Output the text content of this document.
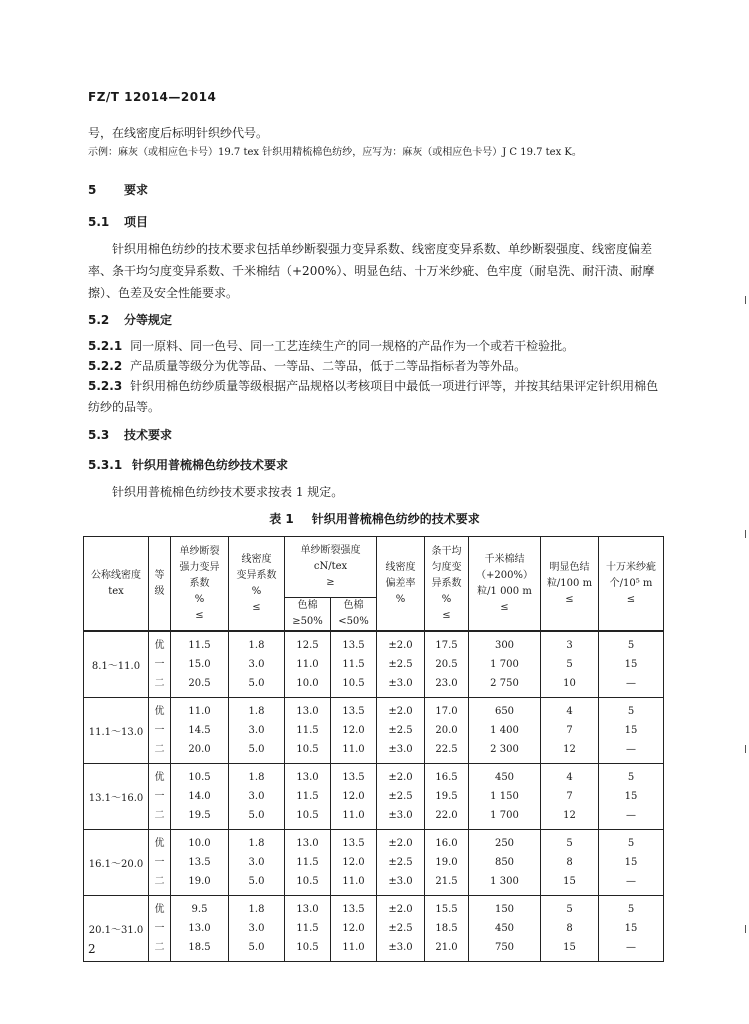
FZ/T 12014—2014
号，在线密度后标明针织纱代号。
示例：麻灰（或相应色卡号）19.7 tex 针织用精梳棉色纺纱，应写为：麻灰（或相应色卡号）J C 19.7 tex K。
5 要求
5.1 项目
针织用棉色纺纱的技术要求包括单纱断裂强力变异系数、线密度变异系数、单纱断裂强度、线密度偏差率、条干均匀度变异系数、千米棉结（+200%）、明显色结、十万米纱疵、色牢度（耐皂洗、耐汗渍、耐摩擦）、色差及安全性能要求。
5.2 分等规定
5.2.1 同一原料、同一色号、同一工艺连续生产的同一规格的产品作为一个或若干检验批。
5.2.2 产品质量等级分为优等品、一等品、二等品，低于二等品指标者为等外品。
5.2.3 针织用棉色纺纱质量等级根据产品规格以考核项目中最低一项进行评等，并按其结果评定针织用棉色纺纱的品等。
5.3 技术要求
5.3.1 针织用普梳棉色纺纱技术要求
针织用普梳棉色纺纱技术要求按表 1 规定。
表 1 针织用普梳棉色纺纱的技术要求
公称线密度
tex	等
级	单纱断裂
强力变异
系数
%
≤	线密度
变异系数
%
≤	单纱断裂强度
cN/tex
≥		线密度
偏差率
%	条干均
匀度变
异系数
%
≤	千米棉结
（+200%）
粒/1 000 m
≤	明显色结
粒/100 m
≤	十万米纱疵
个/10⁵ m
≤
				色棉
≥50%	色棉
<50%					
8.1～11.0	优	11.5	1.8	12.5	13.5	±2.0	17.5	300	3	5
	一	15.0	3.0	11.0	11.5	±2.5	20.5	1 700	5	15
	二	20.5	5.0	10.0	10.5	±3.0	23.0	2 750	10	—
11.1～13.0	优	11.0	1.8	13.0	13.5	±2.0	17.0	650	4	5
	一	14.5	3.0	11.5	12.0	±2.5	20.0	1 400	7	15
	二	20.0	5.0	10.5	11.0	±3.0	22.5	2 300	12	—
13.1～16.0	优	10.5	1.8	13.0	13.5	±2.0	16.5	450	4	5
	一	14.0	3.0	11.5	12.0	±2.5	19.5	1 150	7	15
	二	19.5	5.0	10.5	11.0	±3.0	22.0	1 700	12	—
16.1～20.0	优	10.0	1.8	13.0	13.5	±2.0	16.0	250	5	5
	一	13.5	3.0	11.5	12.0	±2.5	19.0	850	8	15
	二	19.0	5.0	10.5	11.0	±3.0	21.5	1 300	15	—
20.1～31.0	优	9.5	1.8	13.0	13.5	±2.0	15.5	150	5	5
	一	13.0	3.0	11.5	12.0	±2.5	18.5	450	8	15
	二	18.5	5.0	10.5	11.0	±3.0	21.0	750	15	—
2
